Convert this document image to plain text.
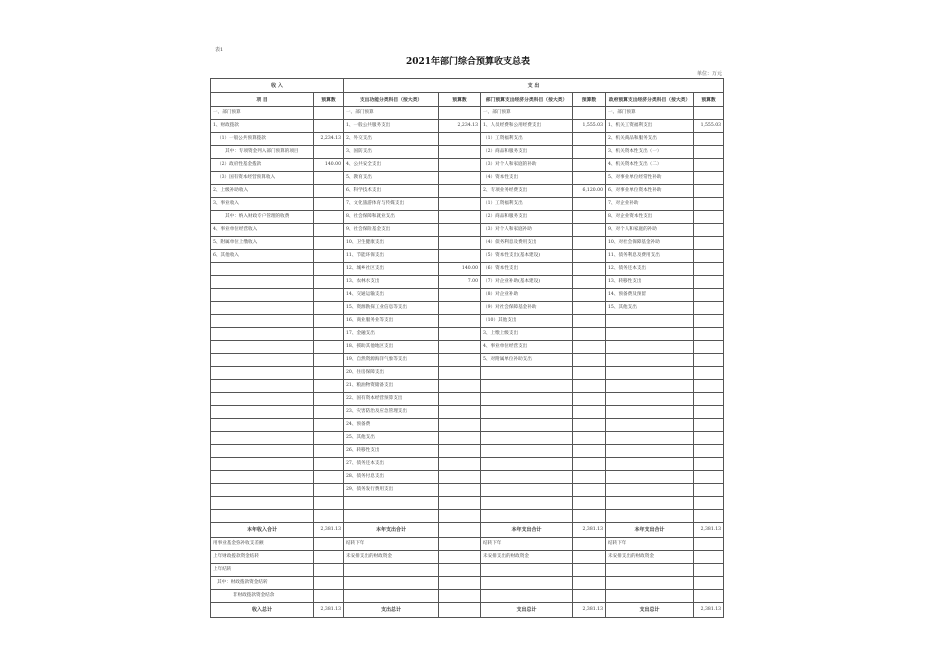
表1
2021年部门综合预算收支总表
单位：万元
收 入		支 出					
项 目	预算数	支出功能分类科目（按大类）	预算数	部门预算支出经济分类科目（按大类）	预算数	政府预算支出经济分类科目（按大类）	预算数
一、部门预算		一、部门预算		一、部门预算		一、部门预算	
1、财政拨款		1、一般公共服务支出	2,234.13	1、人员经费和公用经费支出	1,555.03	1、机关工资福利支出	1,555.03
（1）一般公共预算拨款	2,234.13	2、外交支出		（1）工资福利支出		2、机关商品和服务支出	
其中：专项资金列入部门预算的项目		3、国防支出		（2）商品和服务支出		3、机关资本性支出（一）	
（2）政府性基金拨款	140.00	4、公共安全支出		（3）对个人和家庭的补助		4、机关资本性支出（二）	
（3）国有资本经营预算收入		5、教育支出		（4）资本性支出		5、对事业单位经常性补助	
2、上级补助收入		6、科学技术支出		2、专项业务经费支出	6,120.00	6、对事业单位资本性补助	
3、事业收入		7、文化旅游体育与传媒支出		（1）工资福利支出		7、对企业补助	
其中：纳入财政专户管理的收费		8、社会保障和就业支出		（2）商品和服务支出		8、对企业资本性支出	
4、事业单位经营收入		9、社会保险基金支出		（3）对个人和家庭补助		9、对个人和家庭的补助	
5、附属单位上缴收入		10、卫生健康支出		（4）债务利息及费用支出		10、对社会保障基金补助	
6、其他收入		11、节能环保支出		（5）资本性支出(基本建设)		11、债务利息及费用支出	
		12、城乡社区支出	140.00	（6）资本性支出		12、债务还本支出	
		13、农林水支出	7.00	（7）对企业补助(基本建设)		13、转移性支出	
		14、交通运输支出		（8）对企业补助		14、预备费及预留	
		15、资源勘探工业信息等支出		（9）对社会保障基金补助		15、其他支出	
		16、商业服务业等支出		（10）其他支出			
		17、金融支出		3、上缴上级支出			
		18、援助其他地区支出		4、事业单位经营支出			
		19、自然资源海洋气象等支出		5、对附属单位补助支出			
		20、住房保障支出					
		21、粮油物资储备支出					
		22、国有资本经营预算支出					
		23、灾害防治及应急管理支出					
		24、预备费					
		25、其他支出					
		26、转移性支出					
		27、债务还本支出					
		28、债务付息支出					
		29、债务发行费用支出					

本年收入合计	2,381.13	本年支出合计		本年支出合计	2,381.13	本年支出合计	2,381.13
用事业基金弥补收支差额		结转下年		结转下年		结转下年	
上年财政拨款资金结转		未安排支出的财政资金		未安排支出的财政资金		未安排支出的财政资金	
上年结转							
其中：财政拨款资金结转							
非财政拨款资金结余							
收入总计	2,381.13	支出总计		支出总计	2,381.13	支出总计	2,381.13
